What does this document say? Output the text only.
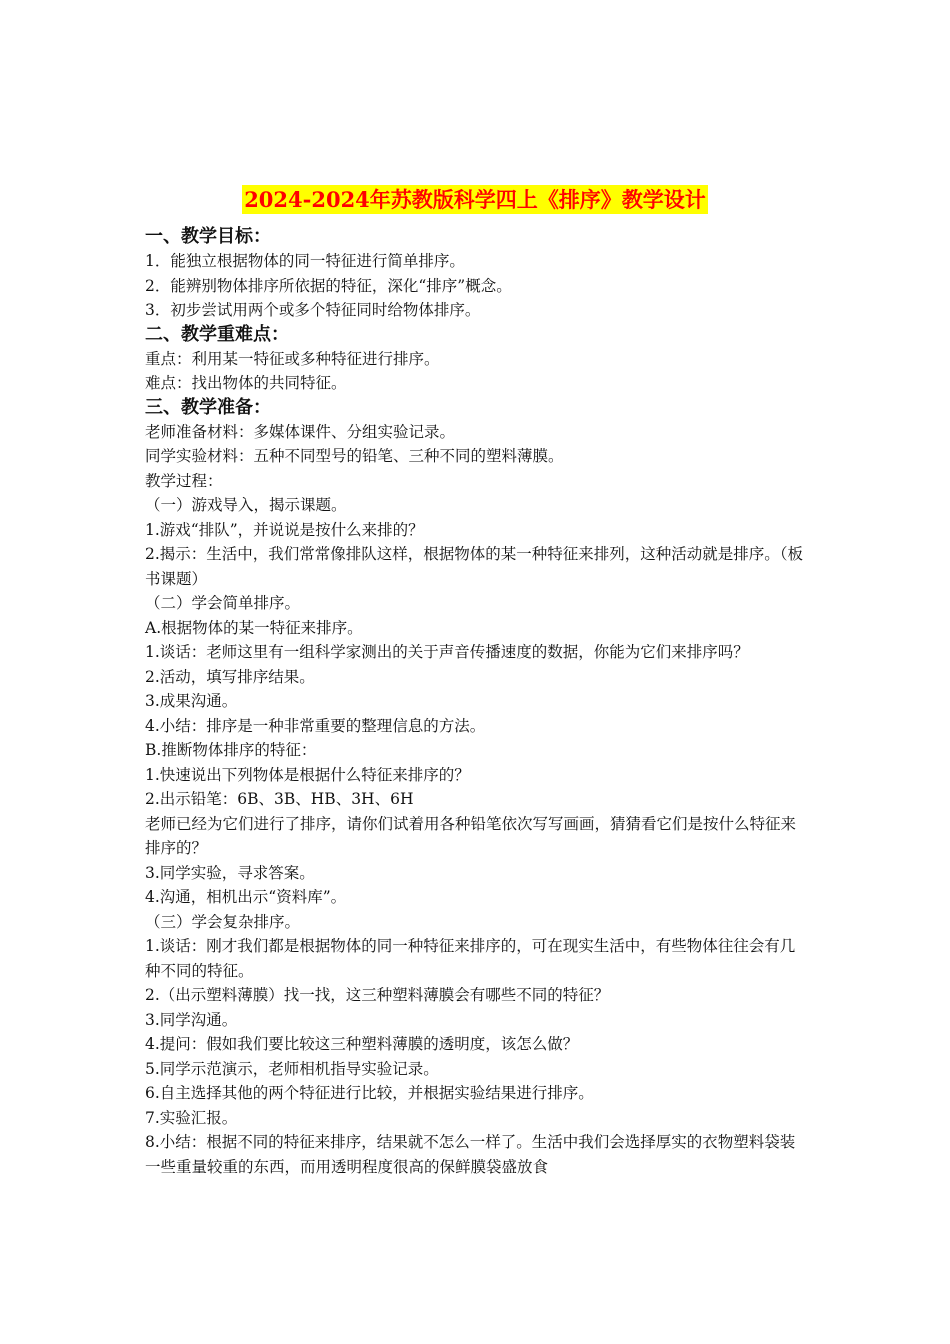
2024-2024年苏教版科学四上《排序》教学设计
一、教学目标：
1．能独立根据物体的同一特征进行简单排序。
2．能辨别物体排序所依据的特征，深化“排序”概念。
3．初步尝试用两个或多个特征同时给物体排序。
二、教学重难点：
重点：利用某一特征或多种特征进行排序。
难点：找出物体的共同特征。
三、教学准备：
老师准备材料：多媒体课件、分组实验记录。
同学实验材料：五种不同型号的铅笔、三种不同的塑料薄膜。
教学过程：
（一）游戏导入，揭示课题。
1.游戏“排队”，并说说是按什么来排的？
2.揭示：生活中，我们常常像排队这样，根据物体的某一种特征来排列，这种活动就是排序。（板书课题）
（二）学会简单排序。
A.根据物体的某一特征来排序。
1.谈话：老师这里有一组科学家测出的关于声音传播速度的数据，你能为它们来排序吗？
2.活动，填写排序结果。
3.成果沟通。
4.小结：排序是一种非常重要的整理信息的方法。
B.推断物体排序的特征：
1.快速说出下列物体是根据什么特征来排序的？
2.出示铅笔：6B、3B、HB、3H、6H
老师已经为它们进行了排序，请你们试着用各种铅笔依次写写画画，猜猜看它们是按什么特征来排序的？
3.同学实验，寻求答案。
4.沟通，相机出示“资料库”。
（三）学会复杂排序。
1.谈话：刚才我们都是根据物体的同一种特征来排序的，可在现实生活中，有些物体往往会有几种不同的特征。
2.（出示塑料薄膜）找一找，这三种塑料薄膜会有哪些不同的特征？
3.同学沟通。
4.提问：假如我们要比较这三种塑料薄膜的透明度，该怎么做？
5.同学示范演示，老师相机指导实验记录。
6.自主选择其他的两个特征进行比较，并根据实验结果进行排序。
7.实验汇报。
8.小结：根据不同的特征来排序，结果就不怎么一样了。生活中我们会选择厚实的衣物塑料袋装一些重量较重的东西，而用透明程度很高的保鲜膜袋盛放食
